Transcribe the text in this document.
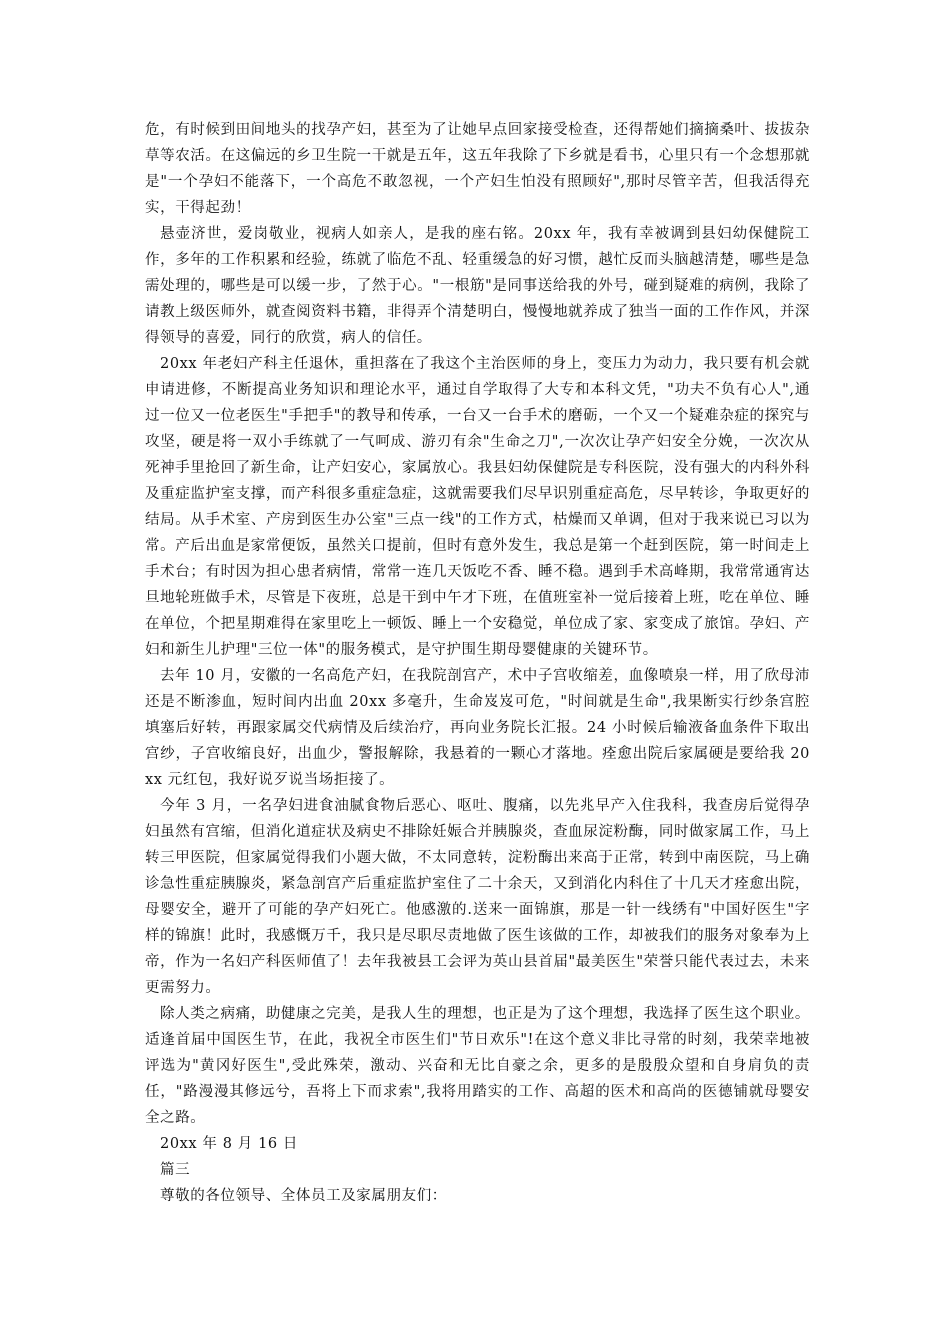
危，有时候到田间地头的找孕产妇，甚至为了让她早点回家接受检查，还得帮她们摘摘桑叶、拔拔杂草等农活。在这偏远的乡卫生院一干就是五年，这五年我除了下乡就是看书，心里只有一个念想那就是"一个孕妇不能落下，一个高危不敢忽视，一个产妇生怕没有照顾好",那时尽管辛苦，但我活得充实，干得起劲！

悬壶济世，爱岗敬业，视病人如亲人，是我的座右铭。20xx 年，我有幸被调到县妇幼保健院工作，多年的工作积累和经验，练就了临危不乱、轻重缓急的好习惯，越忙反而头脑越清楚，哪些是急需处理的，哪些是可以缓一步，了然于心。"一根筋"是同事送给我的外号，碰到疑难的病例，我除了请教上级医师外，就查阅资料书籍，非得弄个清楚明白，慢慢地就养成了独当一面的工作作风，并深得领导的喜爱，同行的欣赏，病人的信任。

20xx 年老妇产科主任退休，重担落在了我这个主治医师的身上，变压力为动力，我只要有机会就申请进修，不断提高业务知识和理论水平，通过自学取得了大专和本科文凭，"功夫不负有心人",通过一位又一位老医生"手把手"的教导和传承，一台又一台手术的磨砺，一个又一个疑难杂症的探究与攻坚，硬是将一双小手练就了一气呵成、游刃有余"生命之刀",一次次让孕产妇安全分娩，一次次从死神手里抢回了新生命，让产妇安心，家属放心。我县妇幼保健院是专科医院，没有强大的内科外科及重症监护室支撑，而产科很多重症急症，这就需要我们尽早识别重症高危，尽早转诊，争取更好的结局。从手术室、产房到医生办公室"三点一线"的工作方式，枯燥而又单调，但对于我来说已习以为常。产后出血是家常便饭，虽然关口提前，但时有意外发生，我总是第一个赶到医院，第一时间走上手术台；有时因为担心患者病情，常常一连几天饭吃不香、睡不稳。遇到手术高峰期，我常常通宵达旦地轮班做手术，尽管是下夜班，总是干到中午才下班，在值班室补一觉后接着上班，吃在单位、睡在单位，个把星期难得在家里吃上一顿饭、睡上一个安稳觉，单位成了家、家变成了旅馆。孕妇、产妇和新生儿护理"三位一体"的服务模式，是守护围生期母婴健康的关键环节。

去年 10 月，安徽的一名高危产妇，在我院剖宫产，术中子宫收缩差，血像喷泉一样，用了欣母沛还是不断渗血，短时间内出血 20xx 多毫升，生命岌岌可危，"时间就是生命",我果断实行纱条宫腔填塞后好转，再跟家属交代病情及后续治疗，再向业务院长汇报。24 小时候后输液备血条件下取出宫纱，子宫收缩良好，出血少，警报解除，我悬着的一颗心才落地。痊愈出院后家属硬是要给我 20xx 元红包，我好说歹说当场拒接了。

今年 3 月，一名孕妇进食油腻食物后恶心、呕吐、腹痛，以先兆早产入住我科，我查房后觉得孕妇虽然有宫缩，但消化道症状及病史不排除妊娠合并胰腺炎，查血尿淀粉酶，同时做家属工作，马上转三甲医院，但家属觉得我们小题大做，不太同意转，淀粉酶出来高于正常，转到中南医院，马上确诊急性重症胰腺炎，紧急剖宫产后重症监护室住了二十余天，又到消化内科住了十几天才痊愈出院，母婴安全，避开了可能的孕产妇死亡。他感激的.送来一面锦旗，那是一针一线绣有"中国好医生"字样的锦旗！此时，我感慨万千，我只是尽职尽责地做了医生该做的工作，却被我们的服务对象奉为上帝，作为一名妇产科医师值了！去年我被县工会评为英山县首届"最美医生"荣誉只能代表过去，未来更需努力。

除人类之病痛，助健康之完美，是我人生的理想，也正是为了这个理想，我选择了医生这个职业。适逢首届中国医生节，在此，我祝全市医生们"节日欢乐"!在这个意义非比寻常的时刻，我荣幸地被评选为"黄冈好医生",受此殊荣，激动、兴奋和无比自豪之余，更多的是殷殷众望和自身肩负的责任，"路漫漫其修远兮，吾将上下而求索",我将用踏实的工作、高超的医术和高尚的医德铺就母婴安全之路。

20xx 年 8 月 16 日

篇三

尊敬的各位领导、全体员工及家属朋友们：
